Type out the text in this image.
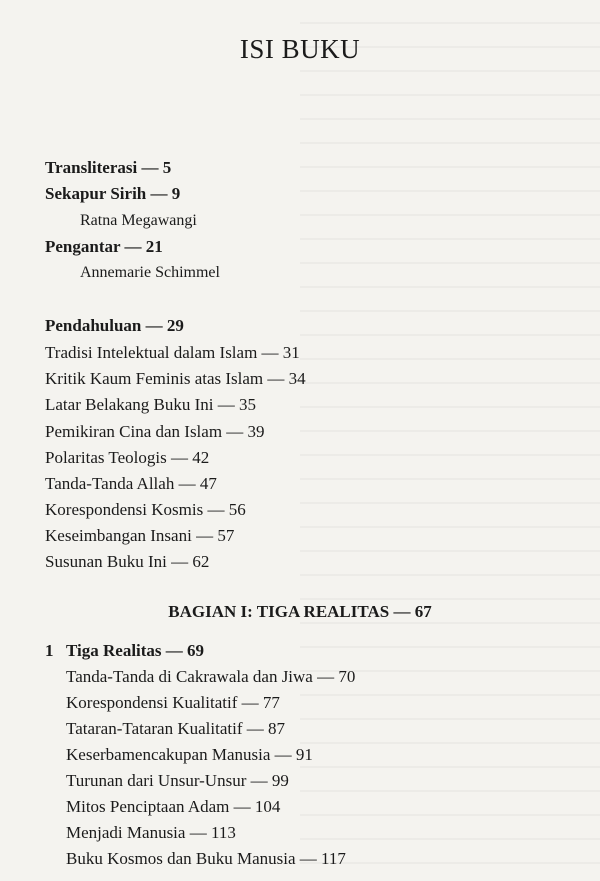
ISI BUKU
Transliterasi — 5
Sekapur Sirih — 9
Ratna Megawangi
Pengantar — 21
Annemarie Schimmel
Pendahuluan — 29
Tradisi Intelektual dalam Islam — 31
Kritik Kaum Feminis atas Islam — 34
Latar Belakang Buku Ini — 35
Pemikiran Cina dan Islam — 39
Polaritas Teologis — 42
Tanda-Tanda Allah — 47
Korespondensi Kosmis — 56
Keseimbangan Insani — 57
Susunan Buku Ini — 62
BAGIAN I: TIGA REALITAS — 67
1 Tiga Realitas — 69
Tanda-Tanda di Cakrawala dan Jiwa — 70
Korespondensi Kualitatif — 77
Tataran-Tataran Kualitatif — 87
Keserbamencakupan Manusia — 91
Turunan dari Unsur-Unsur — 99
Mitos Penciptaan Adam — 104
Menjadi Manusia — 113
Buku Kosmos dan Buku Manusia — 117
